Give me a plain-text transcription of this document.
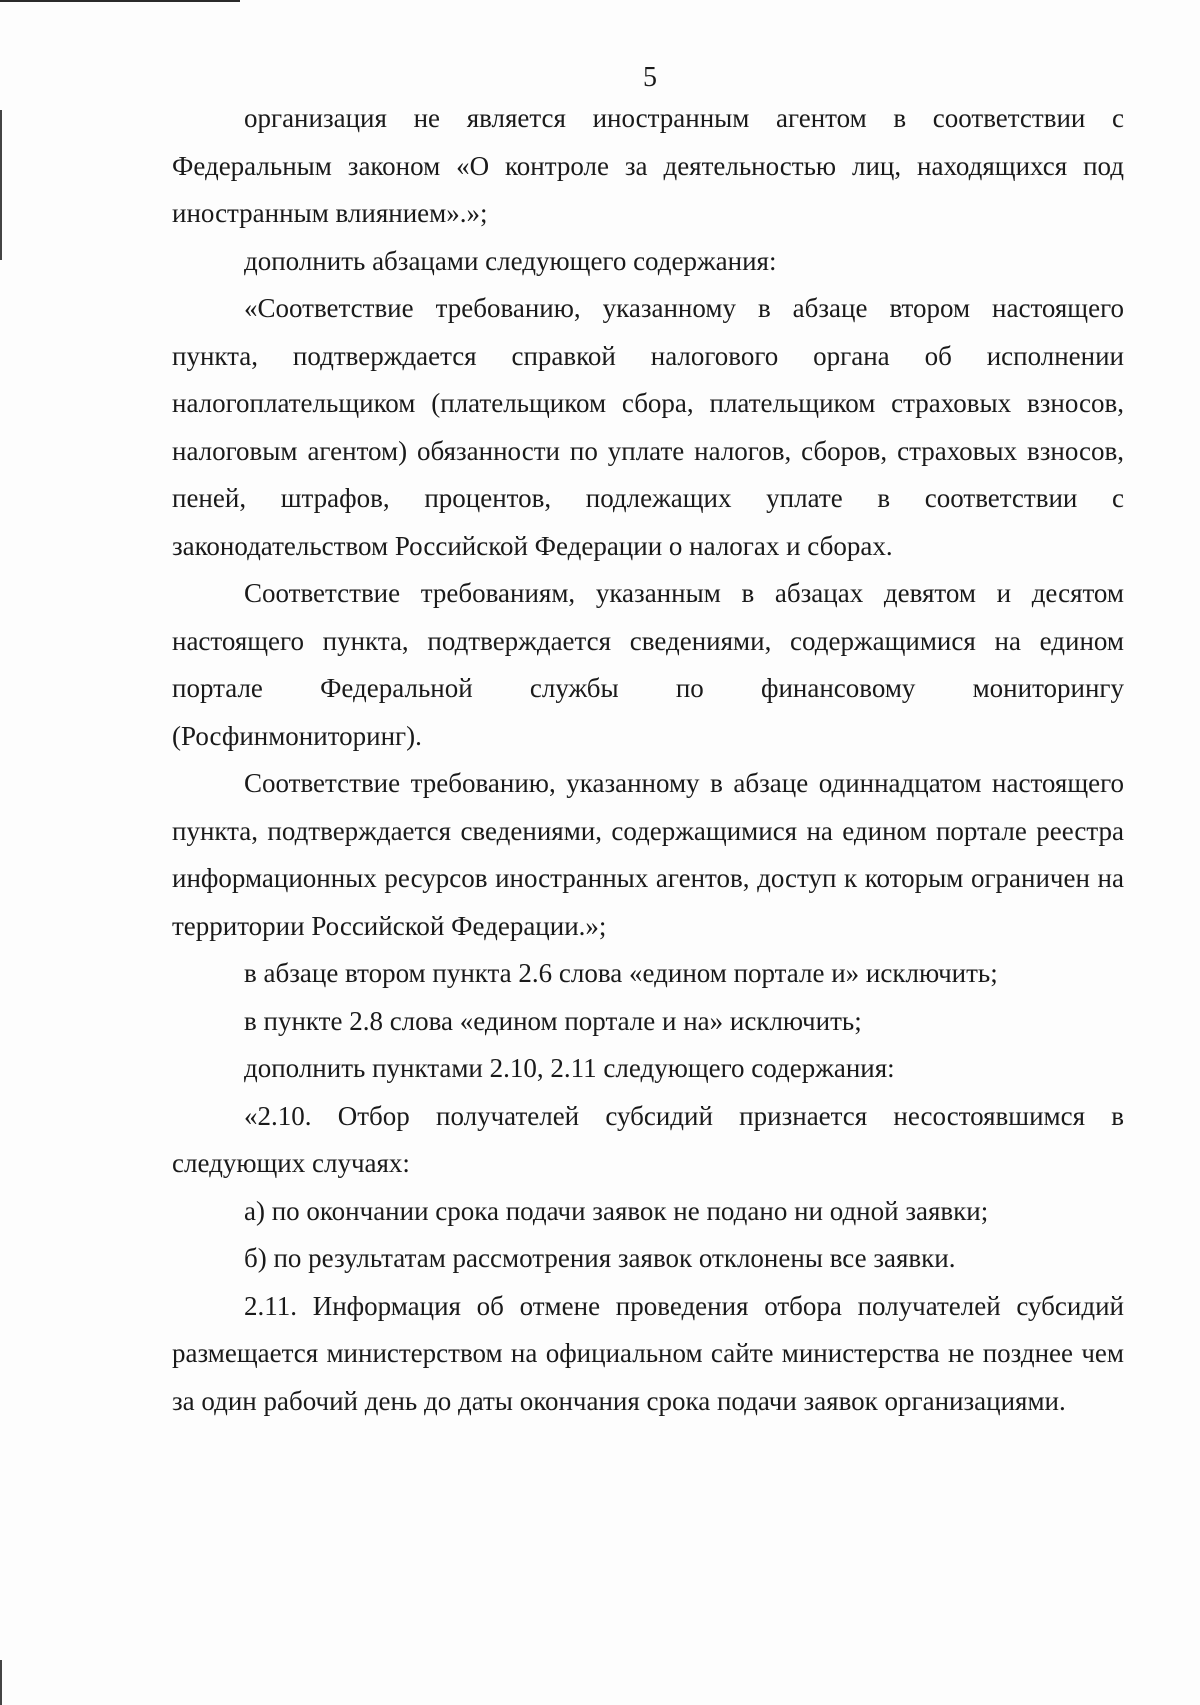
5

организация не является иностранным агентом в соответствии с Федеральным законом «О контроле за деятельностью лиц, находящихся под иностранным влиянием».»;

дополнить абзацами следующего содержания:

«Соответствие требованию, указанному в абзаце втором настоящего пункта, подтверждается справкой налогового органа об исполнении налогоплательщиком (плательщиком сбора, плательщиком страховых взносов, налоговым агентом) обязанности по уплате налогов, сборов, страховых взносов, пеней, штрафов, процентов, подлежащих уплате в соответствии с законодательством Российской Федерации о налогах и сборах.

Соответствие требованиям, указанным в абзацах девятом и десятом настоящего пункта, подтверждается сведениями, содержащимися на едином портале Федеральной службы по финансовому мониторингу (Росфинмониторинг).

Соответствие требованию, указанному в абзаце одиннадцатом настоящего пункта, подтверждается сведениями, содержащимися на едином портале реестра информационных ресурсов иностранных агентов, доступ к которым ограничен на территории Российской Федерации.»;

в абзаце втором пункта 2.6 слова «едином портале и» исключить;

в пункте 2.8 слова «едином портале и на» исключить;

дополнить пунктами 2.10, 2.11 следующего содержания:

«2.10. Отбор получателей субсидий признается несостоявшимся в следующих случаях:

а) по окончании срока подачи заявок не подано ни одной заявки;

б) по результатам рассмотрения заявок отклонены все заявки.

2.11. Информация об отмене проведения отбора получателей субсидий размещается министерством на официальном сайте министерства не позднее чем за один рабочий день до даты окончания срока подачи заявок организациями.
